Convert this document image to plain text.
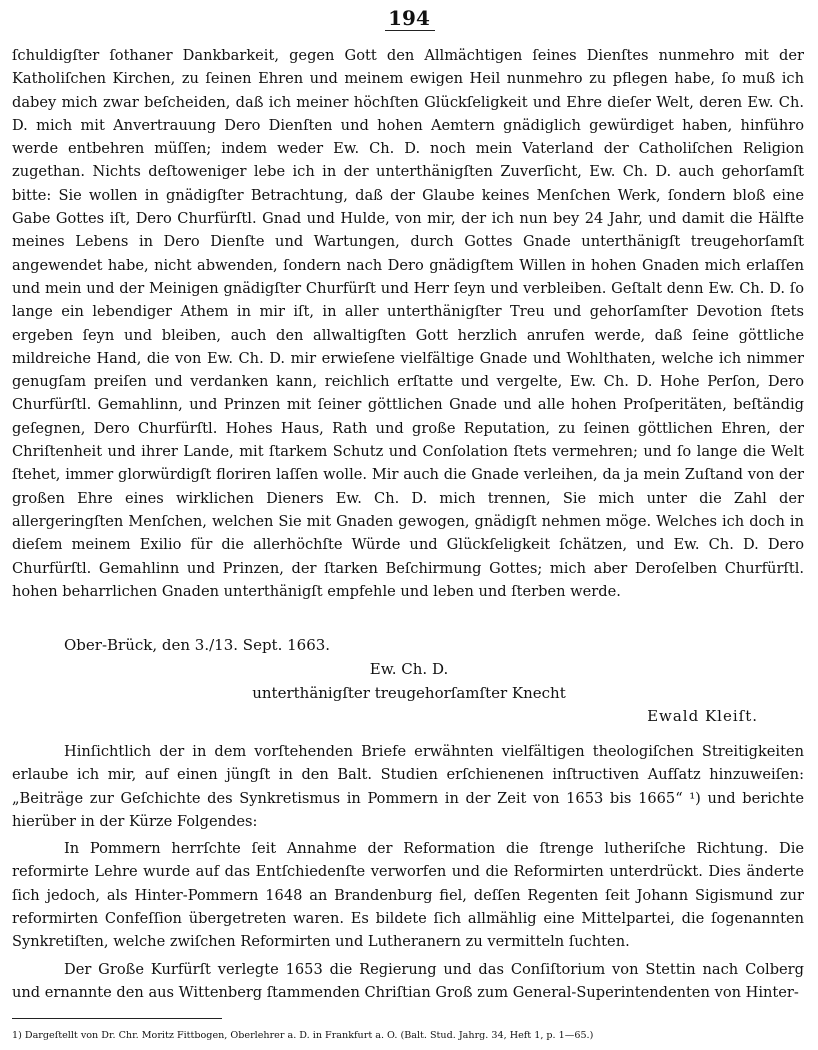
194

ſchuldigſter ſothaner Dankbarkeit, gegen Gott den Allmächtigen ſeines Dienſtes nunmehro mit der Katholiſchen Kirchen, zu ſeinen Ehren und meinem ewigen Heil nunmehro zu pflegen habe, ſo muß ich dabey mich zwar beſcheiden, daß ich meiner höchſten Glückſeligkeit und Ehre dieſer Welt, deren Ew. Ch. D. mich mit Anvertrauung Dero Dienſten und hohen Aemtern gnädiglich gewürdiget haben, hinführo werde entbehren müſſen; indem weder Ew. Ch. D. noch mein Vaterland der Catholiſchen Religion zugethan. Nichts deſtoweniger lebe ich in der unterthänigſten Zuverſicht, Ew. Ch. D. auch gehorſamſt bitte: Sie wollen in gnädigſter Betrachtung, daß der Glaube keines Menſchen Werk, ſondern bloß eine Gabe Gottes iſt, Dero Churfürſtl. Gnad und Hulde, von mir, der ich nun bey 24 Jahr, und damit die Hälfte meines Lebens in Dero Dienſte und Wartungen, durch Gottes Gnade unterthänigſt treugehorſamſt angewendet habe, nicht abwenden, ſondern nach Dero gnädigſtem Willen in hohen Gnaden mich erlaſſen und mein und der Meinigen gnädigſter Churfürſt und Herr ſeyn und verbleiben. Geſtalt denn Ew. Ch. D. ſo lange ein lebendiger Athem in mir iſt, in aller unterthänigſter Treu und gehorſamſter Devotion ſtets ergeben ſeyn und bleiben, auch den allwaltigſten Gott herzlich anrufen werde, daß ſeine göttliche mildreiche Hand, die von Ew. Ch. D. mir erwieſene vielfältige Gnade und Wohlthaten, welche ich nimmer genugſam preiſen und verdanken kann, reichlich erſtatte und vergelte, Ew. Ch. D. Hohe Perſon, Dero Churfürſtl. Gemahlinn, und Prinzen mit ſeiner göttlichen Gnade und alle hohen Proſperitäten, beſtändig geſegnen, Dero Churfürſtl. Hohes Haus, Rath und große Reputation, zu ſeinen göttlichen Ehren, der Chriſtenheit und ihrer Lande, mit ſtarkem Schutz und Conſolation ſtets vermehren; und ſo lange die Welt ſtehet, immer glorwürdigſt floriren laſſen wolle. Mir auch die Gnade verleihen, da ja mein Zuſtand von der großen Ehre eines wirklichen Dieners Ew. Ch. D. mich trennen, Sie mich unter die Zahl der allergeringſten Menſchen, welchen Sie mit Gnaden gewogen, gnädigſt nehmen möge. Welches ich doch in dieſem meinem Exilio für die allerhöchſte Würde und Glückſeligkeit ſchätzen, und Ew. Ch. D. Dero Churfürſtl. Gemahlinn und Prinzen, der ſtarken Beſchirmung Gottes; mich aber Deroſelben Churfürſtl. hohen beharrlichen Gnaden unterthänigſt empfehle und leben und ſterben werde.

Ober-Brück, den 3./13. Sept. 1663.
Ew. Ch. D.
unterthänigſter treugehorſamſter Knecht
Ewald Kleiſt.

Hinſichtlich der in dem vorſtehenden Briefe erwähnten vielfältigen theologiſchen Streitigkeiten erlaube ich mir, auf einen jüngſt in den Balt. Studien erſchienenen inſtructiven Aufſatz hinzuweiſen: „Beiträge zur Geſchichte des Synkretismus in Pommern in der Zeit von 1653 bis 1665“ ¹) und berichte hierüber in der Kürze Folgendes:

In Pommern herrſchte ſeit Annahme der Reformation die ſtrenge lutheriſche Richtung. Die reformirte Lehre wurde auf das Entſchiedenſte verworfen und die Reformirten unterdrückt. Dies änderte ſich jedoch, als Hinter-Pommern 1648 an Brandenburg fiel, deſſen Regenten ſeit Johann Sigismund zur reformirten Confeſſion übergetreten waren. Es bildete ſich allmählig eine Mittelpartei, die ſogenannten Synkretiſten, welche zwiſchen Reformirten und Lutheranern zu vermitteln ſuchten.

Der Große Kurfürſt verlegte 1653 die Regierung und das Conſiſtorium von Stettin nach Colberg und ernannte den aus Wittenberg ſtammenden Chriſtian Groß zum General-Superintendenten von Hinter-

1) Dargeſtellt von Dr. Chr. Moritz Fittbogen, Oberlehrer a. D. in Frankfurt a. O. (Balt. Stud. Jahrg. 34, Heft 1, p. 1—65.)
